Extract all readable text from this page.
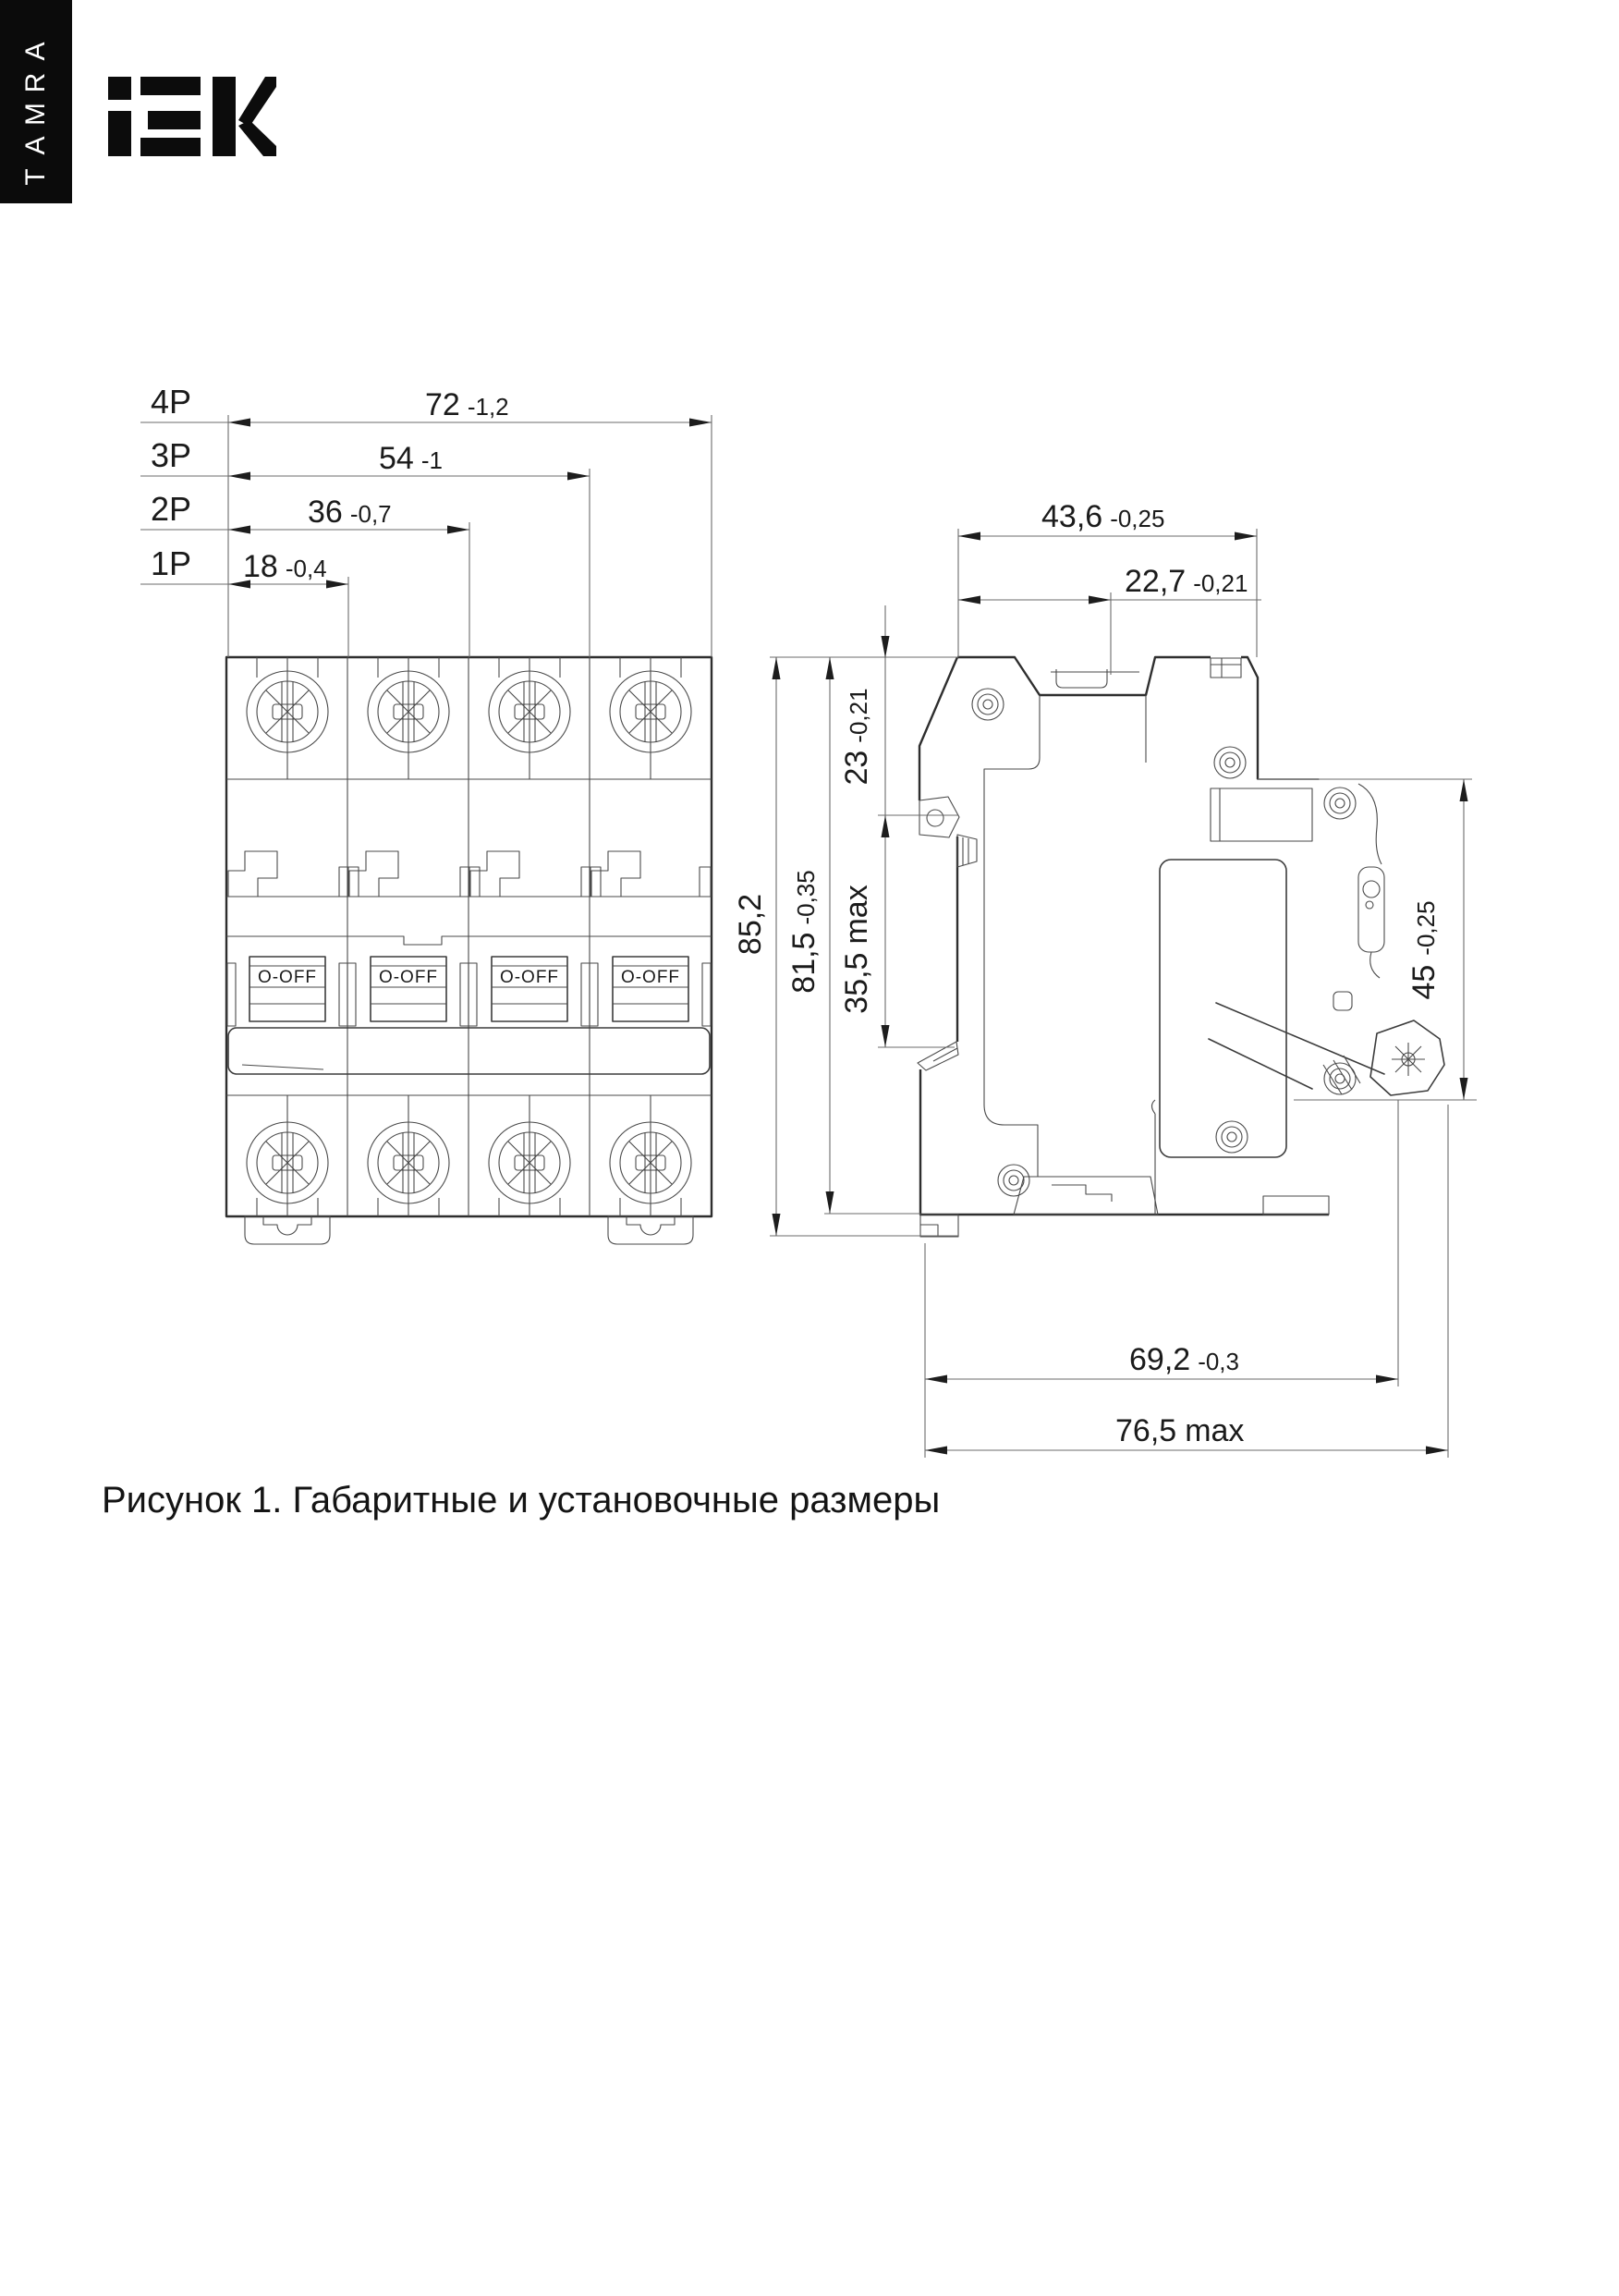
A
R
M
A
T
O-OFF	O-OFF	O-OFF	O-OFF
4P	72 -1,2
3P	54 -1
2P	36 -0,7
1P 18 -0,4
43,6 -0,25
22,7 -0,21
23-0,21
35,5max
81,5-0,35
85,2
45-0,25
69,2 -0,3
76,5 max
Рисунок 1. Габаритные и установочные размеры
